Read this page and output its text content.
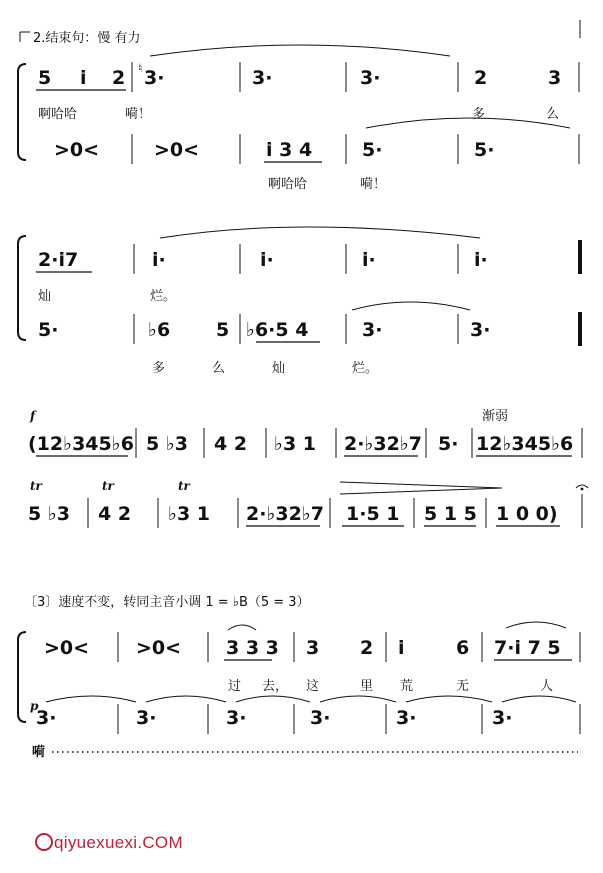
2.结束句：慢 有力
5 i 2 ♮ 3·	3·	3·	2	3
啊哈哈	嗬！	多	么
>0<	>0<	i 3 4	5·	5·
啊哈哈	嗬！
2·i7	i·	i·	i·	i·
灿	烂。
5·	♭6 5 ♭6·5 4	3·	3·
多	么	灿	烂。
f	渐弱
(12♭345♭6 5 ♭3 4 2 ♭3 1 2·♭32♭7 5· 12♭345♭6
tr	tr	tr
5 ♭3 4 2 ♭3 1 2·♭32♭7 1·5 1 5 1 5 1 0 0)
〔3〕速度不变，转同主音小调 1 = ♭B（5 = 3）
>0< >0< 3 3 3 3 2 i	6 7·i 7 5
过 去， 这	里 荒	无	人
p
3·	3·	3·	3·	3·	3·
嗬
qiyuexuexi.COM
